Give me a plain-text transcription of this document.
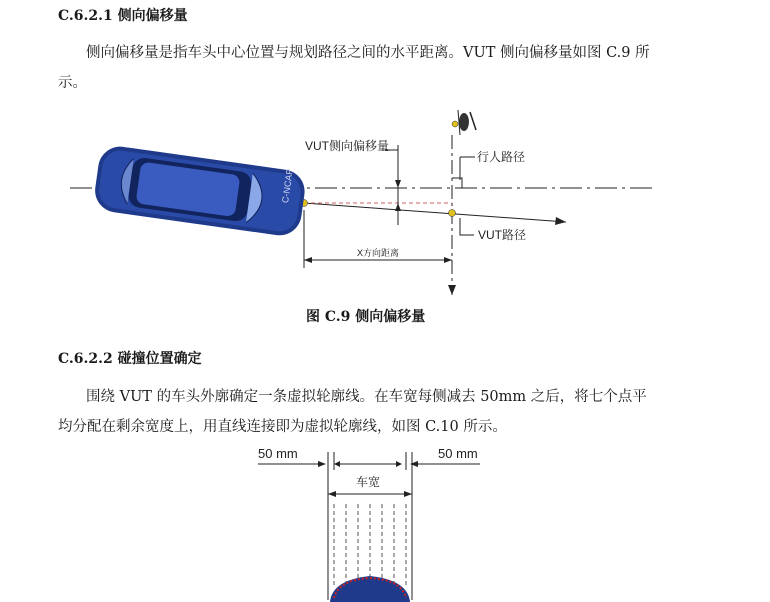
C.6.2.1 侧向偏移量
侧向偏移量是指车头中心位置与规划路径之间的水平距离。VUT 侧向偏移量如图 C.9 所
示。
VUT侧向偏移量
行人路径
VUT路径
X方向距离
C-NCAP
图 C.9 侧向偏移量
C.6.2.2 碰撞位置确定
围绕 VUT 的车头外廓确定一条虚拟轮廓线。在车宽每侧减去 50mm 之后，将七个点平
均分配在剩余宽度上，用直线连接即为虚拟轮廓线，如图 C.10 所示。
50 mm	50 mm
车宽
